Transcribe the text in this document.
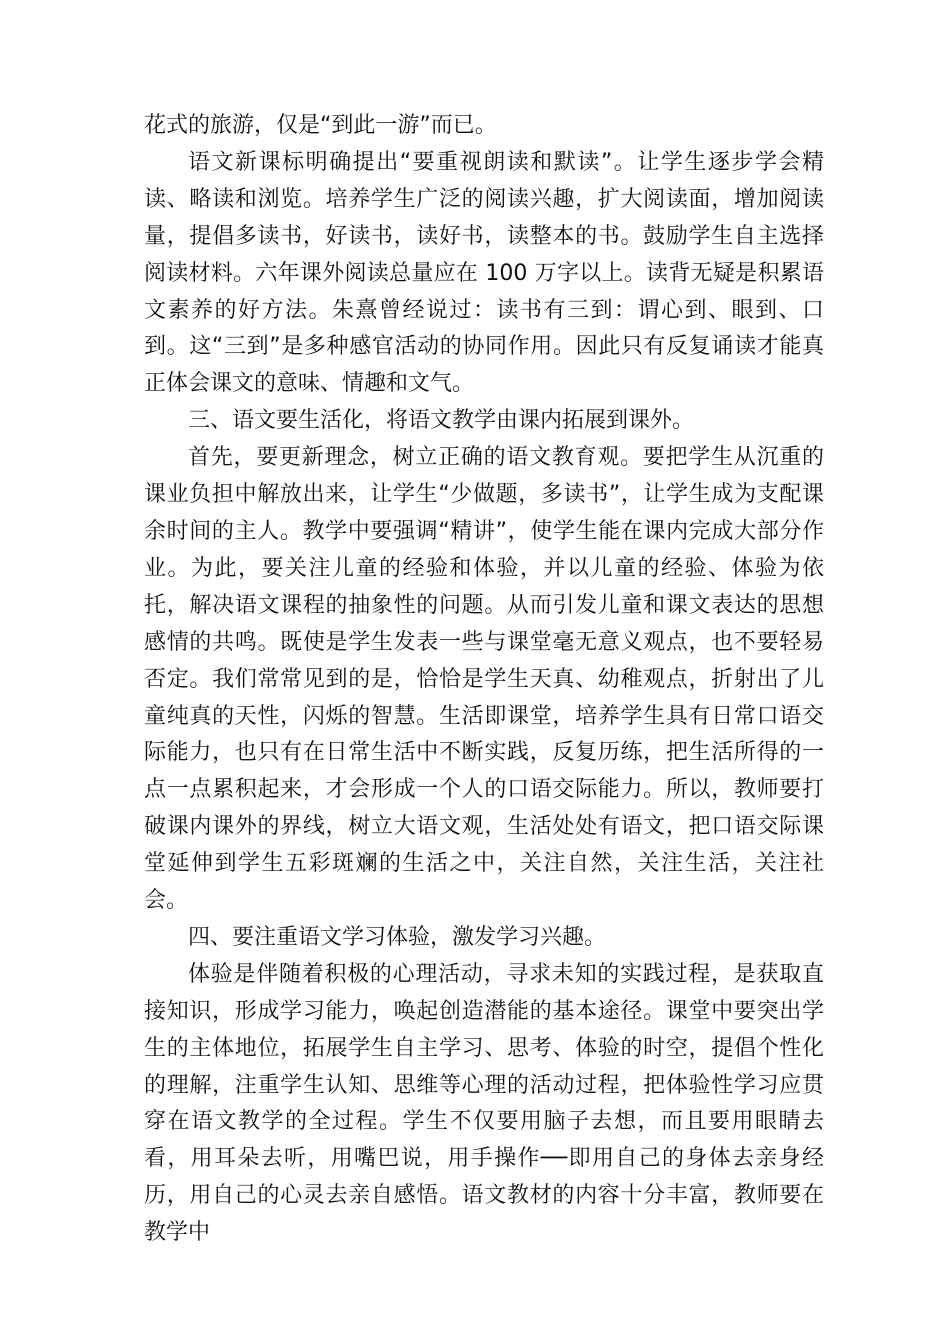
花式的旅游，仅是“到此一游”而已。

语文新课标明确提出“要重视朗读和默读”。让学生逐步学会精读、略读和浏览。培养学生广泛的阅读兴趣，扩大阅读面，增加阅读量，提倡多读书，好读书，读好书，读整本的书。鼓励学生自主选择阅读材料。六年课外阅读总量应在 100 万字以上。读背无疑是积累语文素养的好方法。朱熹曾经说过：读书有三到：谓心到、眼到、口到。这“三到”是多种感官活动的协同作用。因此只有反复诵读才能真正体会课文的意味、情趣和文气。

三、语文要生活化，将语文教学由课内拓展到课外。

首先，要更新理念，树立正确的语文教育观。要把学生从沉重的课业负担中解放出来，让学生“少做题，多读书”，让学生成为支配课余时间的主人。教学中要强调“精讲”，使学生能在课内完成大部分作业。为此，要关注儿童的经验和体验，并以儿童的经验、体验为依托，解决语文课程的抽象性的问题。从而引发儿童和课文表达的思想感情的共鸣。既使是学生发表一些与课堂毫无意义观点，也不要轻易否定。我们常常见到的是，恰恰是学生天真、幼稚观点，折射出了儿童纯真的天性，闪烁的智慧。生活即课堂，培养学生具有日常口语交际能力，也只有在日常生活中不断实践，反复历练，把生活所得的一点一点累积起来，才会形成一个人的口语交际能力。所以，教师要打破课内课外的界线，树立大语文观，生活处处有语文，把口语交际课堂延伸到学生五彩斑斓的生活之中，关注自然，关注生活，关注社会。

四、要注重语文学习体验，激发学习兴趣。

体验是伴随着积极的心理活动，寻求未知的实践过程，是获取直接知识，形成学习能力，唤起创造潜能的基本途径。课堂中要突出学生的主体地位，拓展学生自主学习、思考、体验的时空，提倡个性化的理解，注重学生认知、思维等心理的活动过程，把体验性学习应贯穿在语文教学的全过程。学生不仅要用脑子去想，而且要用眼睛去看，用耳朵去听，用嘴巴说，用手操作──即用自己的身体去亲身经历，用自己的心灵去亲自感悟。语文教材的内容十分丰富，教师要在教学中
